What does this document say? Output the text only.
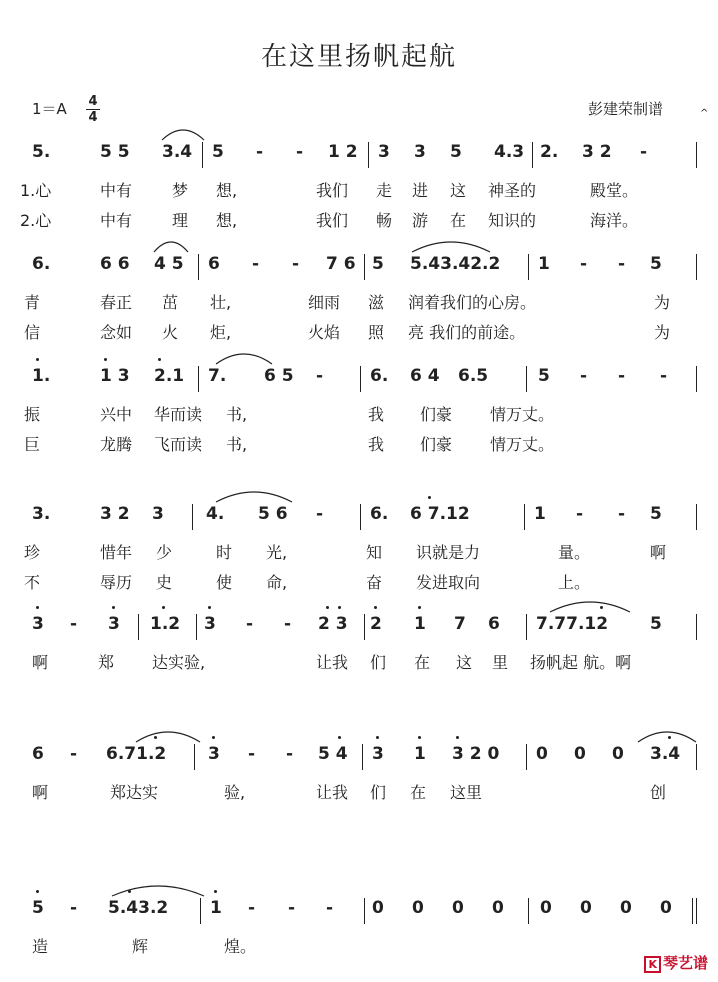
在这里扬帆起航
1＝A 4
4	彭建荣制谱	^
5.	5 5 3.4 5 - - 1 2 3 3 5 4.3 2. 3 2 -
1.心	中有 梦 想,	我们 走 进 这 神圣的	殿堂。
2.心	中有 理 想,	我们 畅 游 在 知识的	海洋。
6.	6 6 4 5 6 - - 7 6 5 5.43.42.2 1 - - 5
青	春正 茁 壮,	细雨 滋 润着我们的心房。	为
信	念如 火 炬,	火焰 照 亮 我们的前途。	为
1.	1 3 2.1 7. 6 5 -	6. 6 4 6.5	5 - - -
振	兴中 华而读 书,	我 们豪 情万丈。
巨	龙腾 飞而读 书,	我 们豪 情万丈。
3.	3 2 3 4. 5 6 -	6. 6 7.12	1 - - 5
珍	惜年 少	时 光,	知 识就是力	量。	啊
不	辱历 史	使 命,	奋 发进取向	上。
3 - 3 1.2 3 - - 2 3 2 1 7 6 7.77.12 5
啊	郑 达实验,	让我 们 在 这 里 扬帆起 航。啊
6 - 6.71.2 3 - - 5 4 3 1 3 2 0 0 0 0 3.4
啊	郑达实	验,	让我 们 在 这里	创
5 - 5.43.2 1 - - - 0 0 0 0 0 0 0 0
造	辉	煌。
K 琴艺谱
